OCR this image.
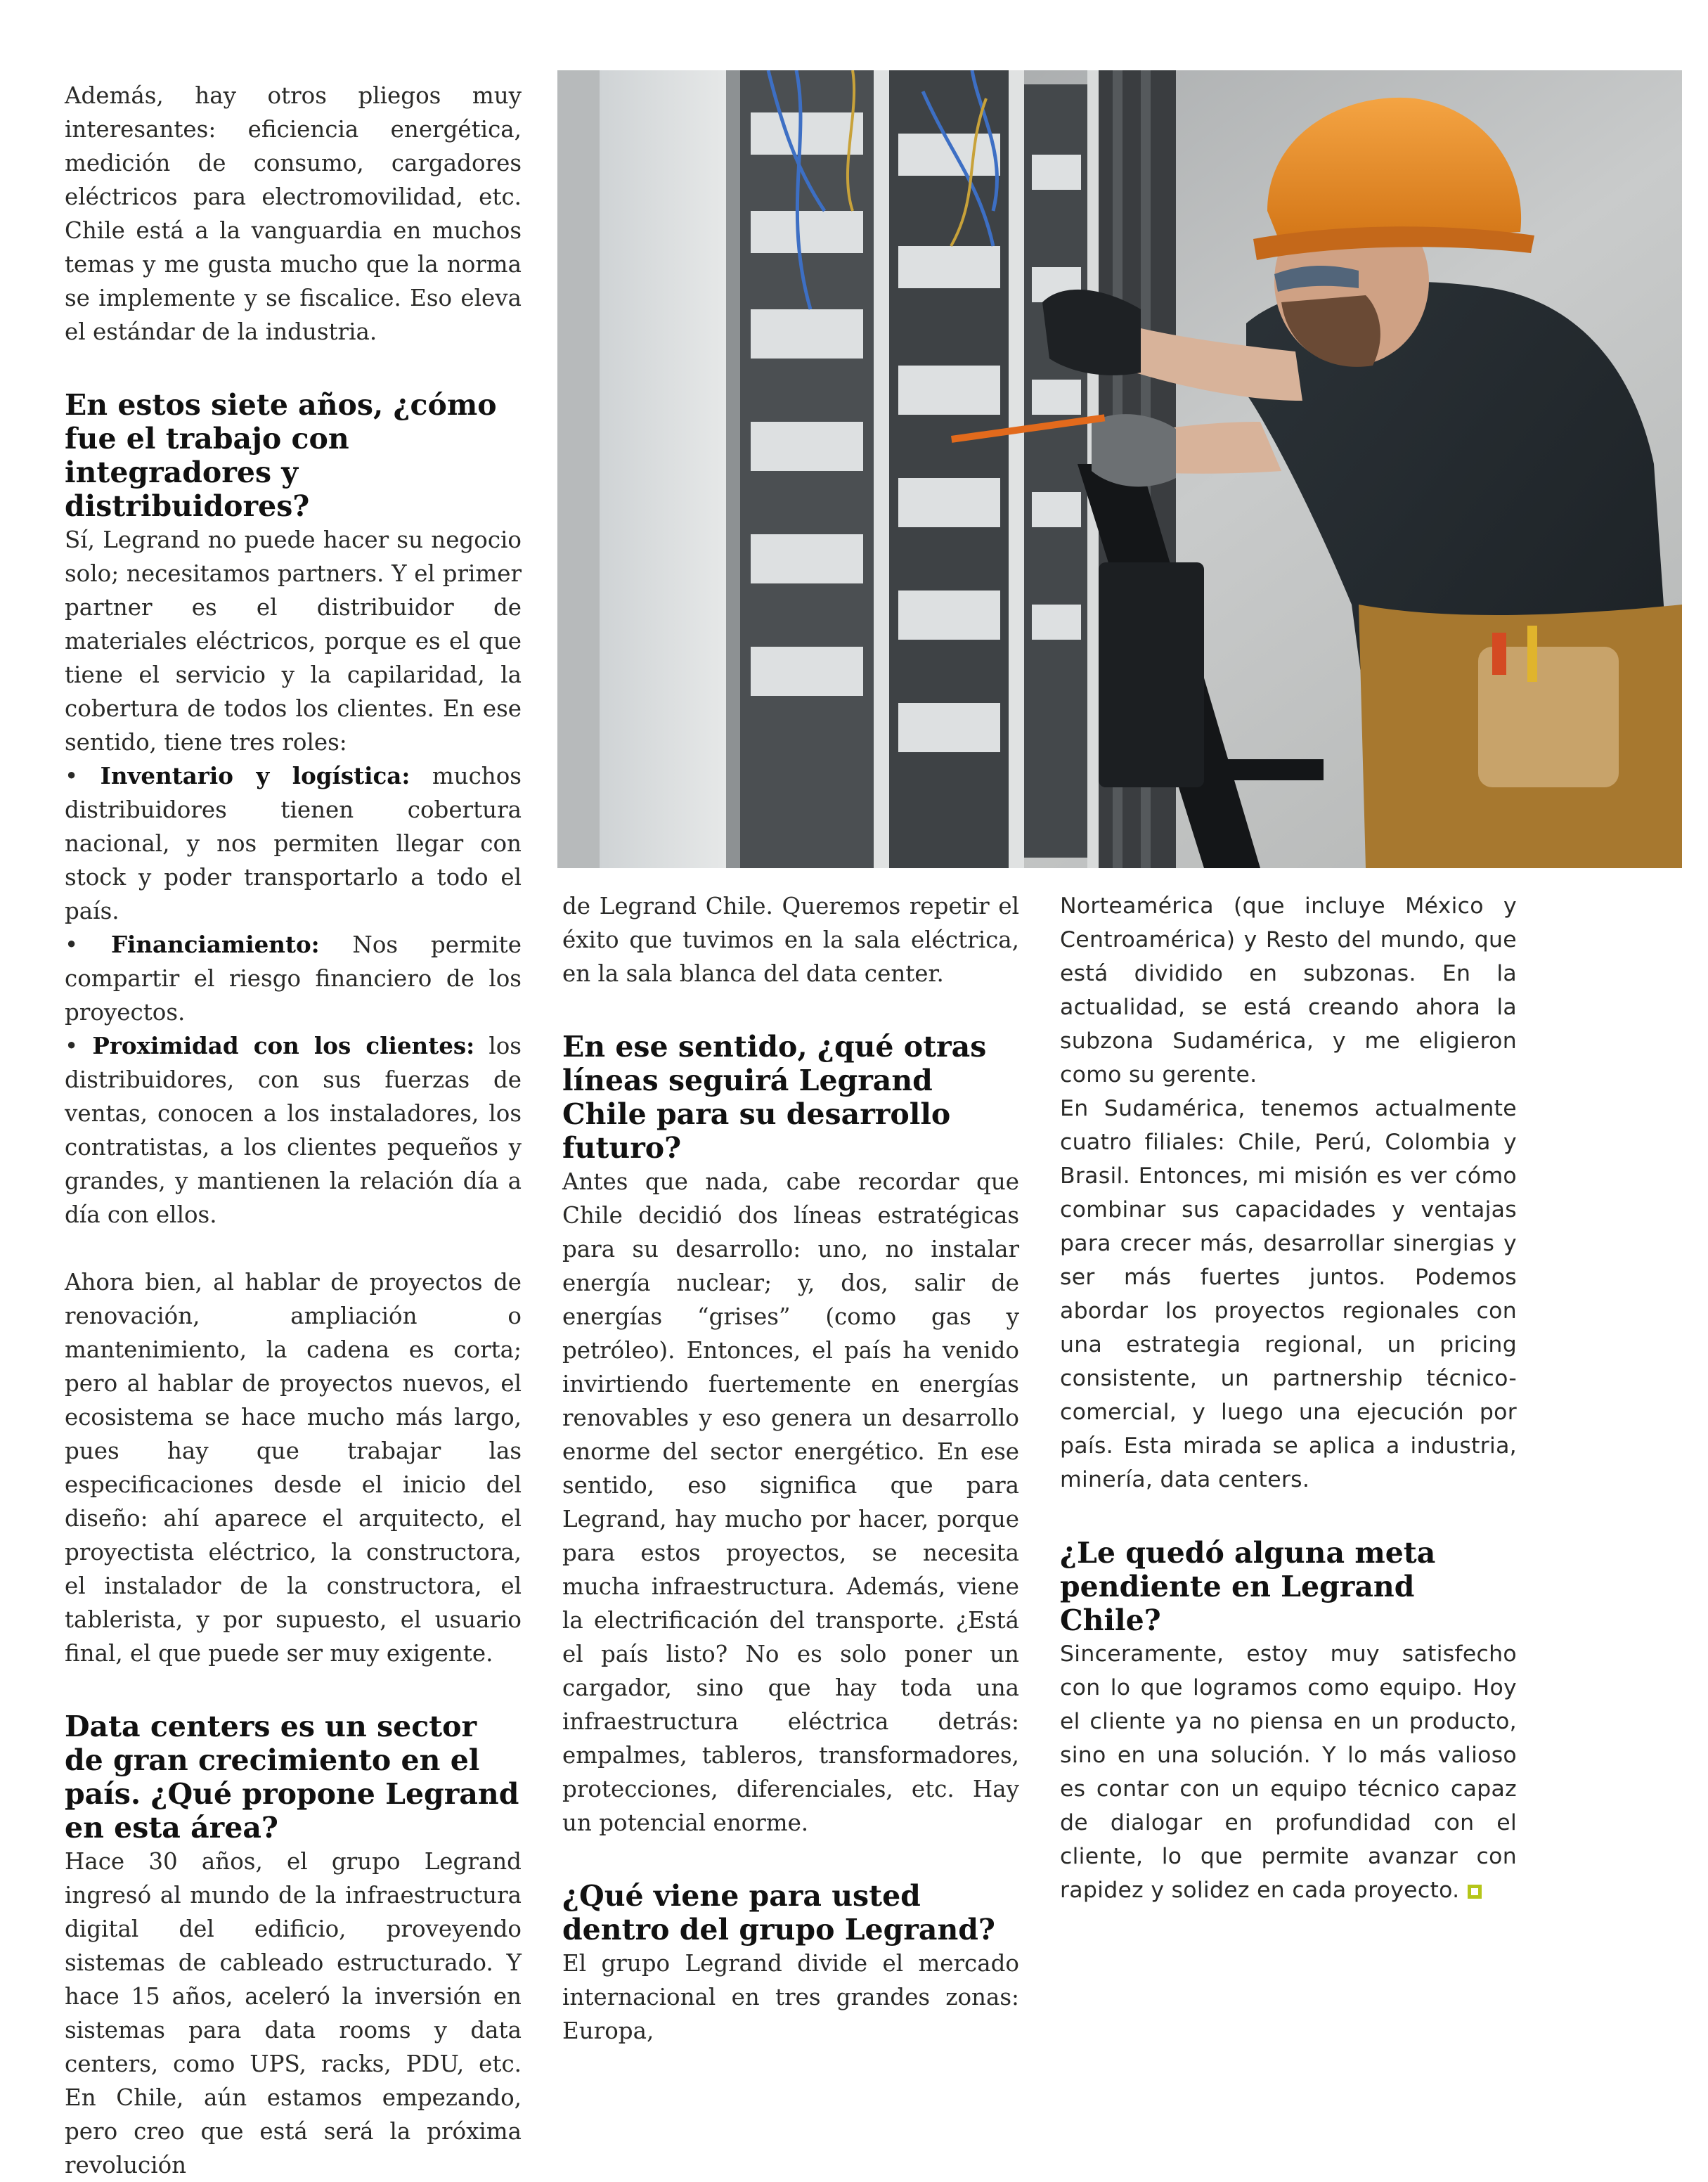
Además, hay otros pliegos muy interesantes: eficiencia energética, medición de consumo, cargadores eléctricos para electromovilidad, etc. Chile está a la vanguardia en muchos temas y me gusta mucho que la norma se implemente y se fiscalice. Eso eleva el estándar de la industria.

En estos siete años, ¿cómo fue el trabajo con integradores y distribuidores?

Sí, Legrand no puede hacer su negocio solo; necesitamos partners. Y el primer partner es el distribuidor de materiales eléctricos, porque es el que tiene el servicio y la capilaridad, la cobertura de todos los clientes. En ese sentido, tiene tres roles:

• Inventario y logística: muchos distribuidores tienen cobertura nacional, y nos permiten llegar con stock y poder transportarlo a todo el país.

• Financiamiento: Nos permite compartir el riesgo financiero de los proyectos.

• Proximidad con los clientes: los distribuidores, con sus fuerzas de ventas, conocen a los instaladores, los contratistas, a los clientes pequeños y grandes, y mantienen la relación día a día con ellos.

Ahora bien, al hablar de proyectos de renovación, ampliación o mantenimiento, la cadena es corta; pero al hablar de proyectos nuevos, el ecosistema se hace mucho más largo, pues hay que trabajar las especificaciones desde el inicio del diseño: ahí aparece el arquitecto, el proyectista eléctrico, la constructora, el instalador de la constructora, el tablerista, y por supuesto, el usuario final, el que puede ser muy exigente.

Data centers es un sector de gran crecimiento en el país. ¿Qué propone Legrand en esta área?

Hace 30 años, el grupo Legrand ingresó al mundo de la infraestructura digital del edificio, proveyendo sistemas de cableado estructurado. Y hace 15 años, aceleró la inversión en sistemas para data rooms y data centers, como UPS, racks, PDU, etc. En Chile, aún estamos empezando, pero creo que está será la próxima revolución

de Legrand Chile. Queremos repetir el éxito que tuvimos en la sala eléctrica, en la sala blanca del data center.

En ese sentido, ¿qué otras líneas seguirá Legrand Chile para su desarrollo futuro?

Antes que nada, cabe recordar que Chile decidió dos líneas estratégicas para su desarrollo: uno, no instalar energía nuclear; y, dos, salir de energías “grises” (como gas y petróleo). Entonces, el país ha venido invirtiendo fuertemente en energías renovables y eso genera un desarrollo enorme del sector energético. En ese sentido, eso significa que para Legrand, hay mucho por hacer, porque para estos proyectos, se necesita mucha infraestructura. Además, viene la electrificación del transporte. ¿Está el país listo? No es solo poner un cargador, sino que hay toda una infraestructura eléctrica detrás: empalmes, tableros, transformadores, protecciones, diferenciales, etc. Hay un potencial enorme.

¿Qué viene para usted dentro del grupo Legrand?

El grupo Legrand divide el mercado internacional en tres grandes zonas: Europa,

Norteamérica (que incluye México y Centroamérica) y Resto del mundo, que está dividido en subzonas. En la actualidad, se está creando ahora la subzona Sudamérica, y me eligieron como su gerente.

En Sudamérica, tenemos actualmente cuatro filiales: Chile, Perú, Colombia y Brasil. Entonces, mi misión es ver cómo combinar sus capacidades y ventajas para crecer más, desarrollar sinergias y ser más fuertes juntos. Podemos abordar los proyectos regionales con una estrategia regional, un pricing consistente, un partnership técnico-comercial, y luego una ejecución por país. Esta mirada se aplica a industria, minería, data centers.

¿Le quedó alguna meta pendiente en Legrand Chile?

Sinceramente, estoy muy satisfecho con lo que logramos como equipo. Hoy el cliente ya no piensa en un producto, sino en una solución. Y lo más valioso es contar con un equipo técnico capaz de dialogar en profundidad con el cliente, lo que permite avanzar con rapidez y solidez en cada proyecto.
